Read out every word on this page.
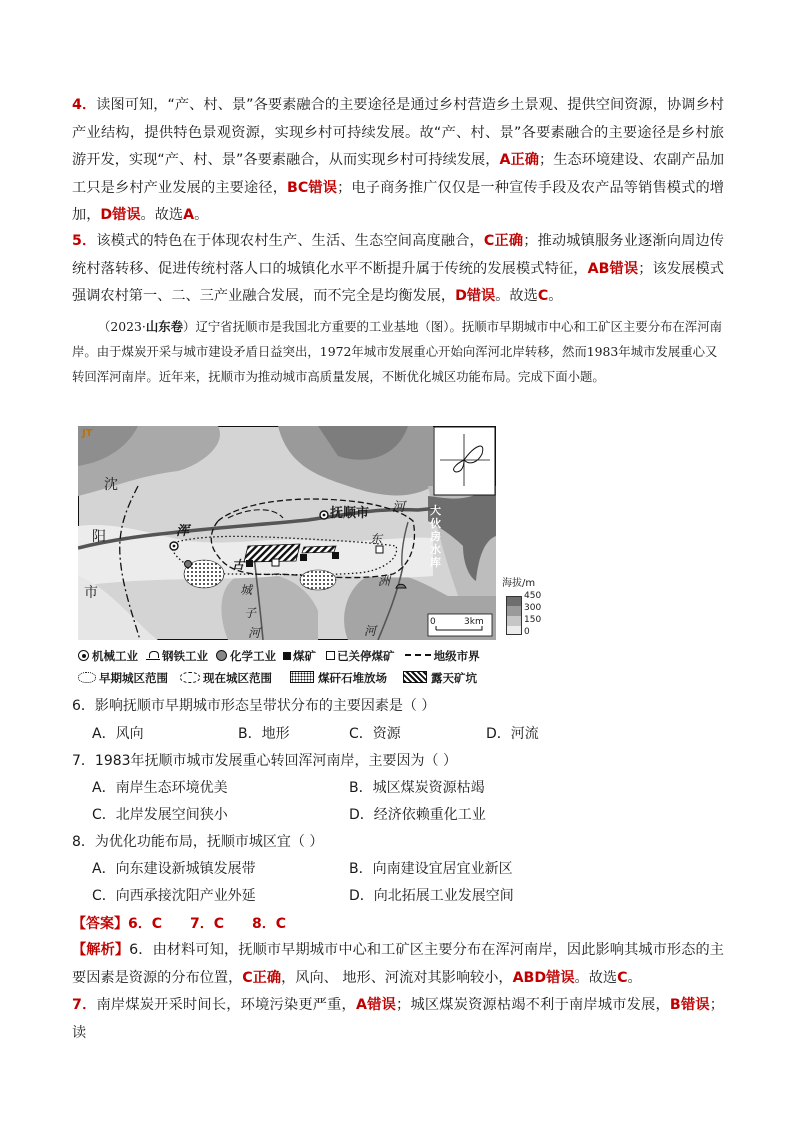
4．读图可知，“产、村、景”各要素融合的主要途径是通过乡村营造乡土景观、提供空间资源，协调乡村产业结构，提供特色景观资源，实现乡村可持续发展。故“产、村、景”各要素融合的主要途径是乡村旅游开发，实现“产、村、景”各要素融合，从而实现乡村可持续发展，A正确；生态环境建设、农副产品加工只是乡村产业发展的主要途径，BC错误；电子商务推广仅仅是一种宣传手段及农产品等销售模式的增加，D错误。故选A。

5．该模式的特色在于体现农村生产、生活、生态空间高度融合，C正确；推动城镇服务业逐渐向周边传统村落转移、促进传统村落人口的城镇化水平不断提升属于传统的发展模式特征，AB错误；该发展模式强调农村第一、二、三产业融合发展，而不完全是均衡发展，D错误。故选C。

（2023·山东卷）辽宁省抚顺市是我国北方重要的工业基地（图）。抚顺市早期城市中心和工矿区主要分布在浑河南岸。由于煤炭开采与城市建设矛盾日益突出，1972年城市发展重心开始向浑河北岸转移，然而1983年城市发展重心又转回浑河南岸。近年来，抚顺市为推动城市高质量发展，不断优化城区功能布局。完成下面小题。

JT
沈
阳
市
浑
河
抚顺市
东
洲
河
古
城
子
河
大伙房水库
0	3km
海拔/m
450
300
150
0
机械工业 钢铁工业 化学工业 煤矿 已关停煤矿	地级市界
早期城区范围	现在城区范围	煤矸石堆放场	露天矿坑

6．影响抚顺市早期城市形态呈带状分布的主要因素是（ ）

A．风向	B．地形	C．资源	D．河流

7．1983年抚顺市城市发展重心转回浑河南岸，主要因为（ ）

A．南岸生态环境优美	B．城区煤炭资源枯竭

C．北岸发展空间狭小	D．经济依赖重化工业

8．为优化功能布局，抚顺市城区宜（ ）

A．向东建设新城镇发展带	B．向南建设宜居宜业新区

C．向西承接沈阳产业外延	D．向北拓展工业发展空间

【答案】6．C　　7．C　　8．C

【解析】6．由材料可知，抚顺市早期城市中心和工矿区主要分布在浑河南岸，因此影响其城市形态的主要因素是资源的分布位置，C正确，风向、 地形、河流对其影响较小，ABD错误。故选C。

7．南岸煤炭开采时间长，环境污染更严重，A错误；城区煤炭资源枯竭不利于南岸城市发展，B错误；读
